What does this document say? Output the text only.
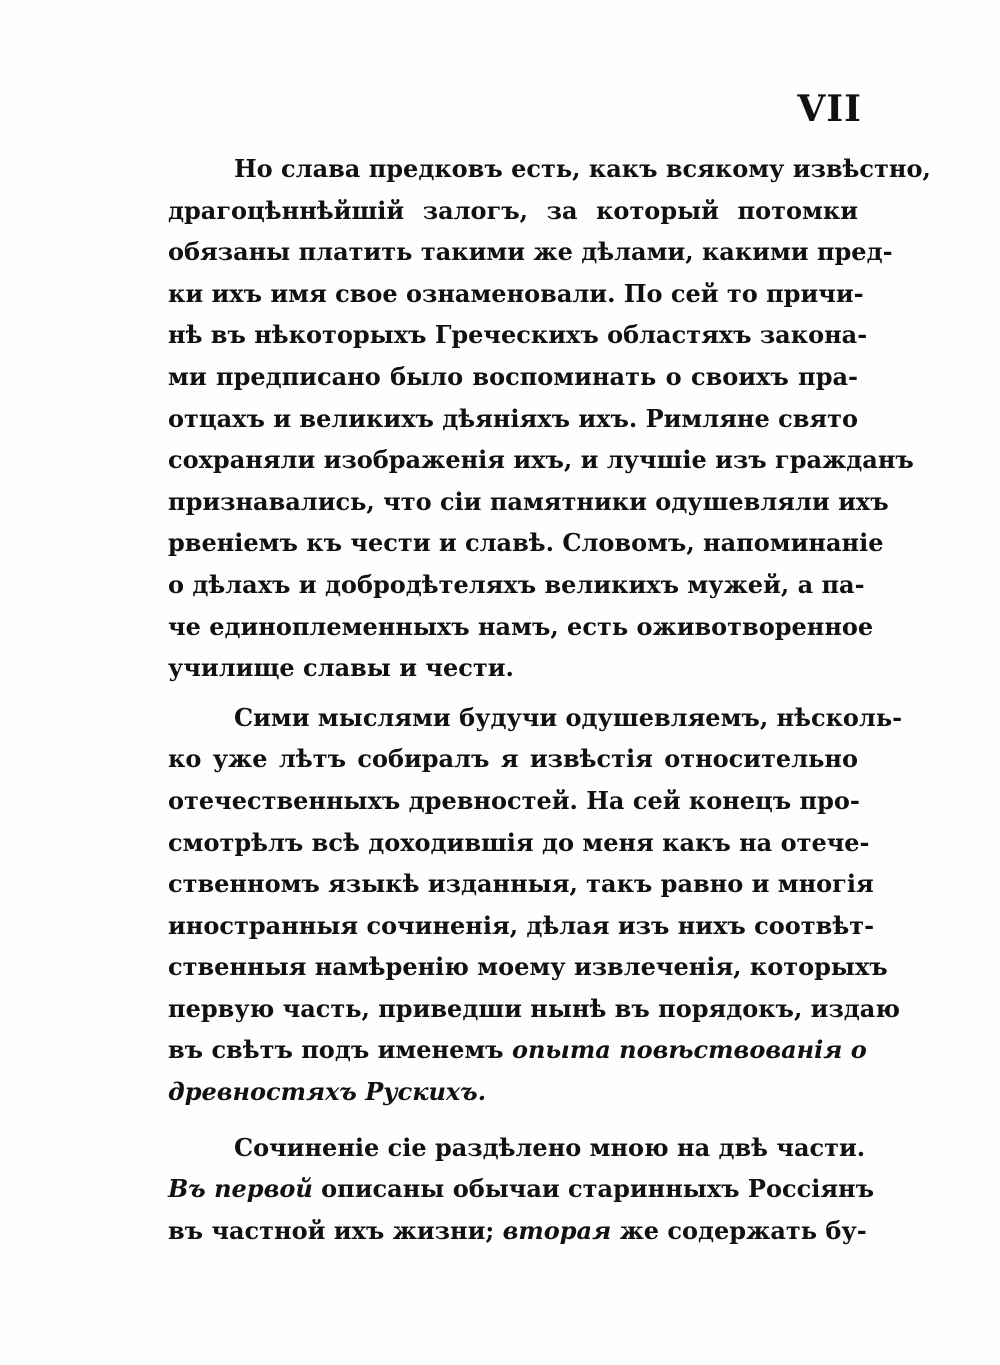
VII
Но слава предковъ есть, какъ всякому извѣстно,
драгоцѣннѣйшій залогъ, за который потомки
обязаны платить такими же дѣлами, какими пред-
ки ихъ имя свое ознаменовали. По сей то причи-
нѣ въ нѣкоторыхъ Греческихъ областяхъ закона-
ми предписано было воспоминать о своихъ пра-
отцахъ и великихъ дѣяніяхъ ихъ. Римляне свято
сохраняли изображенія ихъ, и лучшіе изъ гражданъ
признавались, что сіи памятники одушевляли ихъ
рвеніемъ къ чести и славѣ. Словомъ, напоминаніе
о дѣлахъ и добродѣтеляхъ великихъ мужей, а па-
че единоплеменныхъ намъ, есть оживотворенное
училище славы и чести.
Сими мыслями будучи одушевляемъ, нѣсколь-
ко уже лѣтъ собиралъ я извѣстія относительно
отечественныхъ древностей. На сей конецъ про-
смотрѣлъ всѣ доходившія до меня какъ на отече-
ственномъ языкѣ изданныя, такъ равно и многія
иностранныя сочиненія, дѣлая изъ нихъ соотвѣт-
ственныя намѣренію моему извлеченія, которыхъ
первую часть, приведши нынѣ въ порядокъ, издаю
въ свѣтъ подъ именемъ опыта повѣствованія о
древностяхъ Рускихъ.
Сочиненіе сіе раздѣлено мною на двѣ части.
Въ первой описаны обычаи старинныхъ Россіянъ
въ частной ихъ жизни; вторая же содержать бу-
